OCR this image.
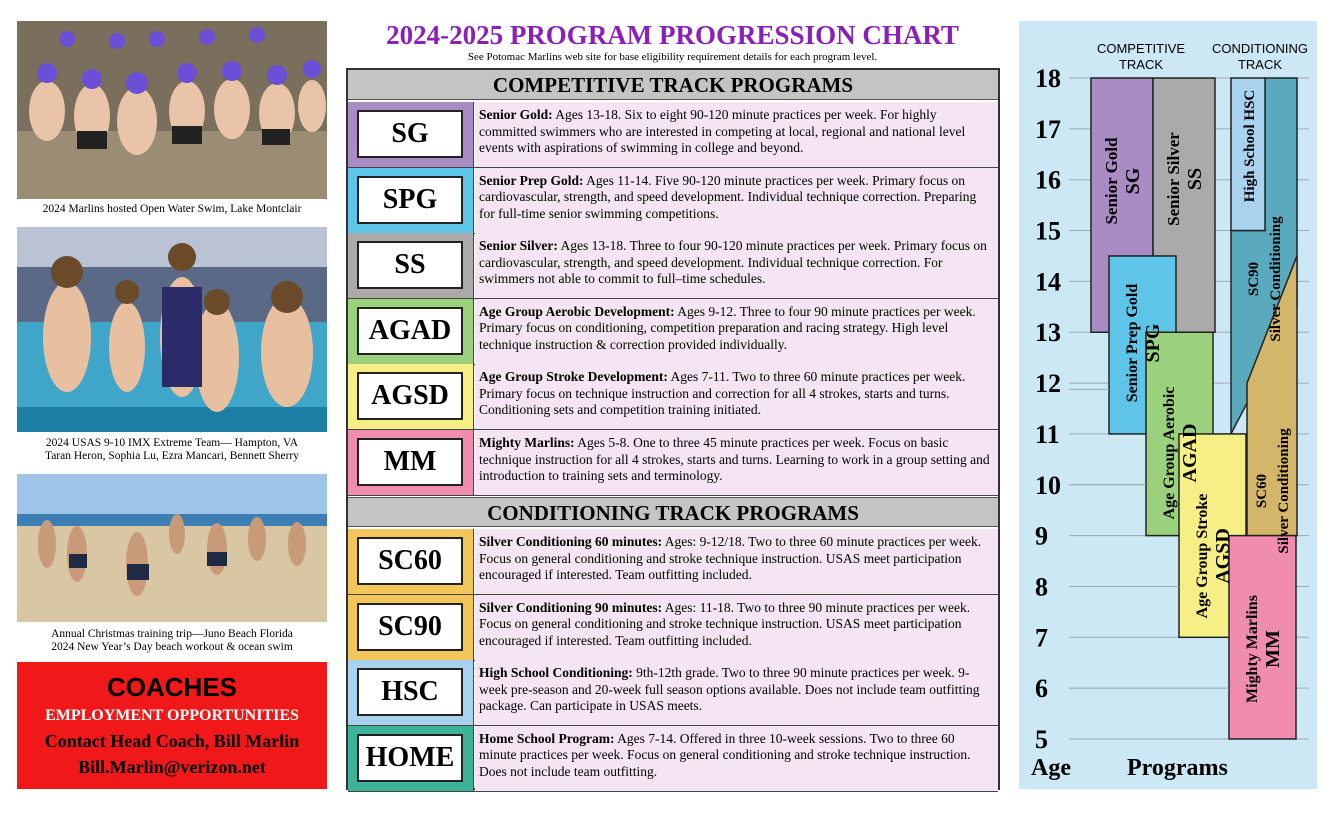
2024 Marlins hosted Open Water Swim, Lake Montclair
2024 USAS 9-10 IMX Extreme Team— Hampton, VA
Taran Heron, Sophia Lu, Ezra Mancari, Bennett Sherry
Annual Christmas training trip—Juno Beach Florida
2024 New Year’s Day beach workout & ocean swim
COACHES
EMPLOYMENT OPPORTUNITIES
Contact Head Coach, Bill Marlin
Bill.Marlin@verizon.net
2024-2025 PROGRAM PROGRESSION CHART
See Potomac Marlins web site for base eligibility requirement details for each program level.
COMPETITIVE TRACK PROGRAMS
SG
Senior Gold: Ages 13-18. Six to eight 90-120 minute practices per week. For highly committed swimmers who are interested in competing at local, regional and national level events with aspirations of swimming in college and beyond.
SPG
Senior Prep Gold: Ages 11-14. Five 90-120 minute practices per week. Primary focus on cardiovascular, strength, and speed development. Individual technique correction. Preparing for full-time senior swimming competitions.
SS
Senior Silver: Ages 13-18. Three to four 90-120 minute practices per week. Primary focus on cardiovascular, strength, and speed development. Individual technique correction. For swimmers not able to commit to full–time schedules.
AGAD
Age Group Aerobic Development: Ages 9-12. Three to four 90 minute practices per week. Primary focus on conditioning, competition preparation and racing strategy. High level technique instruction & correction provided individually.
AGSD
Age Group Stroke Development: Ages 7-11. Two to three 60 minute practices per week. Primary focus on technique instruction and correction for all 4 strokes, starts and turns. Conditioning sets and competition training initiated.
MM
Mighty Marlins: Ages 5-8. One to three 45 minute practices per week. Focus on basic technique instruction for all 4 strokes, starts and turns. Learning to work in a group setting and introduction to training sets and terminology.
CONDITIONING TRACK PROGRAMS
SC60
Silver Conditioning 60 minutes: Ages: 9-12/18. Two to three 60 minute practices per week. Focus on general conditioning and stroke technique instruction. USAS meet participation encouraged if interested. Team outfitting included.
SC90
Silver Conditioning 90 minutes: Ages: 11-18. Two to three 90 minute practices per week. Focus on general conditioning and stroke technique instruction. USAS meet participation encouraged if interested. Team outfitting included.
HSC
High School Conditioning: 9th-12th grade. Two to three 90 minute practices per week. 9-week pre-season and 20-week full season options available. Does not include team outfitting package. Can participate in USAS meets.
HOME
Home School Program: Ages 7-14. Offered in three 10-week sessions. Two to three 60 minute practices per week. Focus on general conditioning and stroke technique instruction. Does not include team outfitting.
18
17
16
15
14
13
12
11
10
9
8
7
6
5
COMPETITIVE
TRACK
CONDITIONING
TRACK
Senior Gold SG Senior Silver SS
Senior Prep Gold SPG
Age Group Aerobic AGAD
Age Group Stroke AGSD
Mighty Marlins MM
High School HSC
SC90 Silver Conditioning
SC60 Silver Conditioning
Age Programs
